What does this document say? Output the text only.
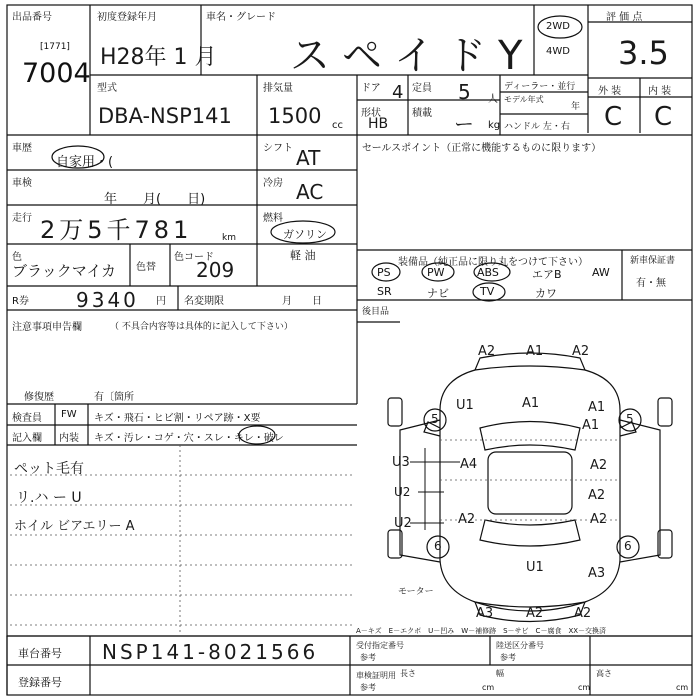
出品番号
[1771]
7004
初度登録年月
H28年 1 月
車名・グレード
スペイドY
2WD
4WD
評 価 点
3.5
外 装	内 装
C C
型式
DBA-NSP141
排気量
1500 cc
ドア 4 定員 5 人
形状
HB
積載 ー kg
ディーラー・並行
モデル年式
年
ハンドル 左・右
車歴
自家用・(
シフト AT
車検
年　　月(　　日)
冷房 AC
走行 2万5千781	km
燃料
ガソリン
軽 油
色
ブラックマイカ 色替
色コード
209
R券 9340 円 名変期限	月　　日
注意事項申告欄	（ 不具合内容等は具体的に記入して下さい）
修復歴	有〔箇所
セールスポイント（正常に機能するものに限ります）
装備品（純正品に限り丸をつけて下さい）
PS	PW	ABS	エアB	AW
SR	ナビ	TV	カワ
後目品
新車保証書
有・無
検査員
記入欄
FW キズ・飛石・ヒビ割・リペア跡・X要
内装 キズ・汚レ・コゲ・穴・スレ・キレ・破レ
ペット毛有
リ.ハ ー U
ホイル ビアエリー A
A2 A1 A2
A1
U1	A1
A1
U3	A4	A2
U2
A2
U2	A2
A2
U1	A3
A3	A2 A2
5	5
6	6
モーター
A－キズ　E－エクボ　U－凹み　W－補修跡　S－サビ　C－腐食　XX－交換済
車台番号 NSP141-8021566
登録番号
受付指定番号
参考
陸送区分番号
参考
車検証明用
参考
長さ
cm
幅
cm
高さ
cm
